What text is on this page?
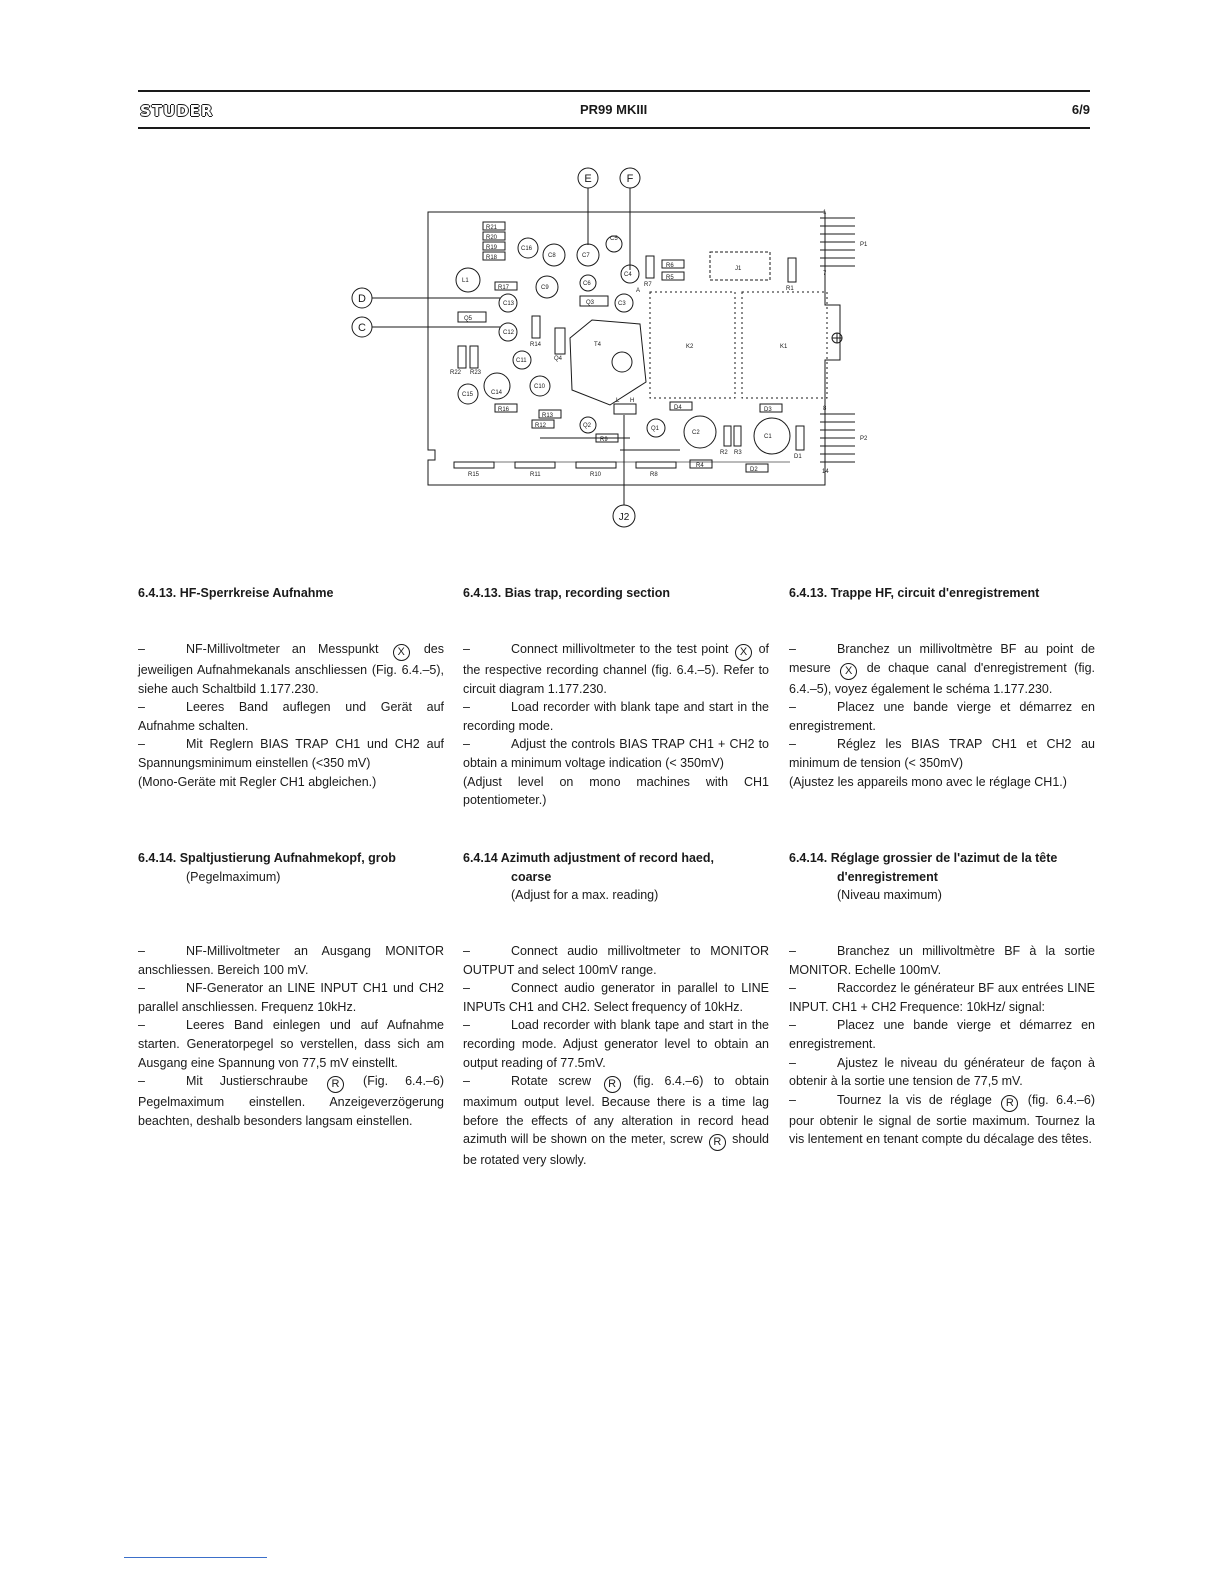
STUDER	PR99 MKIII	6/9
E	F
D
C
J2
R21
R20
R19
R18
C16
C8	C7
C9
C6
C4
C5
C13
C12
C11
C10
C14
C15
C3
C2
C1
L1
T4
R17
R16
R13
R12
R9
R15	R11	R10	R8
R4
R6
R5
R7
R14
R22 R23
R1
R2 R3
Q5
Q4
Q3
Q2	Q1
D4	D3
D2
D1
K2	K1
J1
L H
A
P1
1
7
P2
8
14
6.4.13. HF-Sperrkreise Aufnahme	6.4.13. Bias trap, recording section	6.4.13. Trappe HF, circuit d'enregistrement

–	NF-Millivoltmeter an Messpunkt X des jeweiligen Aufnahmekanals anschliessen (Fig. 6.4.–5), siehe auch Schaltbild 1.177.230.

–	Leeres Band auflegen und Gerät auf Aufnahme schalten.

–	Mit Reglern BIAS TRAP CH1 und CH2 auf Spannungsminimum einstellen (<350 mV)

(Mono-Geräte mit Regler CH1 abgleichen.)

–	Connect millivoltmeter to the test point X of the respective recording channel (fig. 6.4.–5). Refer to circuit diagram 1.177.230.

–	Load recorder with blank tape and start in the recording mode.

–	Adjust the controls BIAS TRAP CH1 + CH2 to obtain a minimum voltage indication (< 350mV)

(Adjust level on mono machines with CH1 potentiometer.)

–	Branchez un millivoltmètre BF au point de mesure X de chaque canal d'enregistrement (fig. 6.4.–5), voyez également le schéma 1.177.230.

–	Placez une bande vierge et démarrez en enregistrement.

–	Réglez les BIAS TRAP CH1 et CH2 au minimum de tension (< 350mV)

(Ajustez les appareils mono avec le réglage CH1.)

6.4.14. Spaltjustierung Aufnahmekopf, grob
(Pegelmaximum)
6.4.14 Azimuth adjustment of record haed,
coarse
(Adjust for a max. reading)
6.4.14. Réglage grossier de l'azimut de la tête
d'enregistrement
(Niveau maximum)

–	NF-Millivoltmeter an Ausgang MONITOR anschliessen. Bereich 100 mV.

–	NF-Generator an LINE INPUT CH1 und CH2 parallel anschliessen. Frequenz 10kHz.

–	Leeres Band einlegen und auf Aufnahme starten. Generatorpegel so verstellen, dass sich am Ausgang eine Spannung von 77,5 mV einstellt.

–	Mit Justierschraube R (Fig. 6.4.–6) Pegelmaximum einstellen. Anzeigeverzögerung beachten, deshalb besonders langsam einstellen.

–	Connect audio millivoltmeter to MONITOR OUTPUT and select 100mV range.

–	Connect audio generator in parallel to LINE INPUTs CH1 and CH2. Select frequency of 10kHz.

–	Load recorder with blank tape and start in the recording mode. Adjust generator level to obtain an output reading of 77.5mV.

–	Rotate screw R (fig. 6.4.–6) to obtain maximum output level. Because there is a time lag before the effects of any alteration in record head azimuth will be shown on the meter, screw R should be rotated very slowly.

–	Branchez un millivoltmètre BF à la sortie MONITOR. Echelle 100mV.

–	Raccordez le générateur BF aux entrées LINE INPUT. CH1 + CH2 Frequence: 10kHz/ signal:

–	Placez une bande vierge et démarrez en enregistrement.

–	Ajustez le niveau du générateur de façon à obtenir à la sortie une tension de 77,5 mV.

–	Tournez la vis de réglage R (fig. 6.4.–6) pour obtenir le signal de sortie maximum. Tournez la vis lentement en tenant compte du décalage des têtes.
